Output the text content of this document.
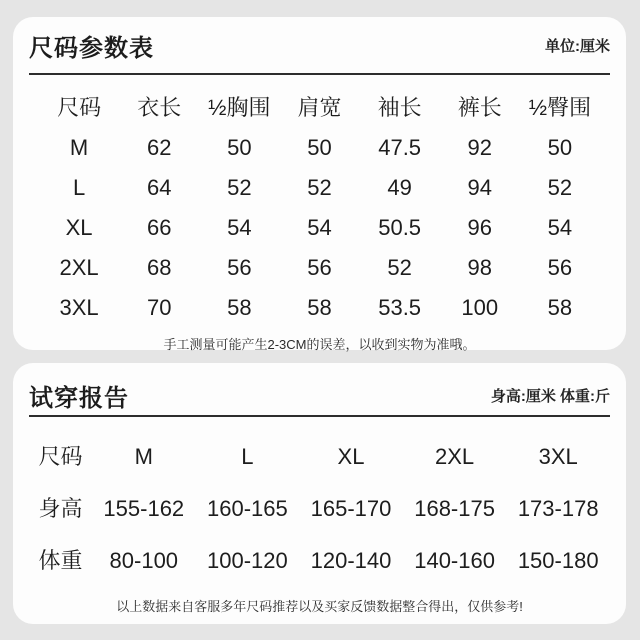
尺码参数表	单位:厘米
尺码	衣长	½胸围	肩宽	袖长	裤长	½臀围
M	62	50	50	47.5	92	50
L	64	52	52	49	94	52
XL	66	54	54	50.5	96	54
2XL	68	56	56	52	98	56
3XL	70	58	58	53.5	100	58

手工测量可能产生2-3CM的误差，以收到实物为准哦。

试穿报告	身高:厘米 体重:斤
尺码	M	L	XL	2XL	3XL
身高 155-162	160-165	165-170	168-175	173-178
体重	80-100	100-120	120-140	140-160	150-180

以上数据来自客服多年尺码推荐以及买家反馈数据整合得出，仅供参考!
